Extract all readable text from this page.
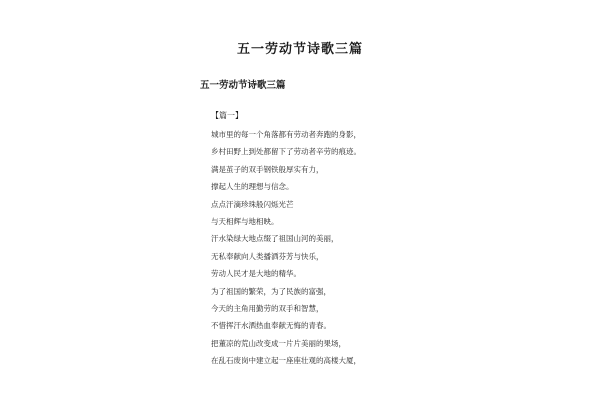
五一劳动节诗歌三篇
五一劳动节诗歌三篇
【篇一】
城市里的每一个角落都有劳动者奔跑的身影，
乡村田野上到处都留下了劳动者辛劳的痕迹。
满是茧子的双手钢铁般厚实有力，
撑起人生的理想与信念。
点点汗滴珍珠般闪烁光芒
与天相辉与地相映。
汗水染绿大地点缀了祖国山河的美丽，
无私奉献向人类播洒芬芳与快乐，
劳动人民才是大地的精华。
为了祖国的繁荣，为了民族的富强，
今天的主角用勤劳的双手和智慧，
不惜挥汗水洒热血奉献无悔的青春。
把董凉的荒山改变成一片片美丽的果场，
在乱石废岗中建立起一座座壮观的高楼大厦，
